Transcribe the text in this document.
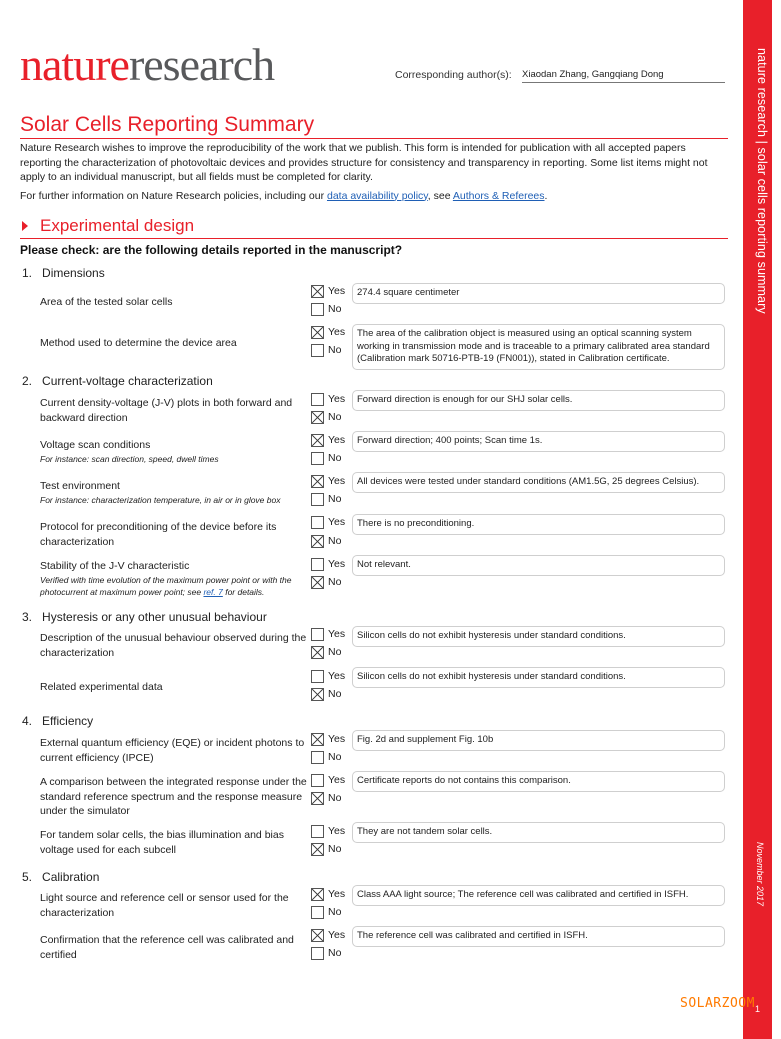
nature research | solar cells reporting summary
November 2017
1
natureresearch	Corresponding author(s): Xiaodan Zhang, Gangqiang Dong
Solar Cells Reporting Summary

Nature Research wishes to improve the reproducibility of the work that we publish. This form is intended for publication with all accepted papers reporting the characterization of photovoltaic devices and provides structure for consistency and transparency in reporting. Some list items might not apply to an individual manuscript, but all fields must be completed for clarity.

For further information on Nature Research policies, including our data availability policy, see Authors & Referees.

Experimental design
Please check: are the following details reported in the manuscript?
1. Dimensions
2. Current-voltage characterization
3. Hysteresis or any other unusual behaviour
4. Efficiency
5. Calibration
Area of the tested solar cells
Yes
No
274.4 square centimeter
Method used to determine the device area
Yes
No
The area of the calibration object is measured using an optical scanning system working in transmission mode and is traceable to a primary calibrated area standard (Calibration mark 50716-PTB-19 (FN001)), stated in Calibration certificate.
Current density-voltage (J-V) plots in both forward and backward direction
Yes
No
Forward direction is enough for our SHJ solar cells.
Voltage scan conditions
For instance: scan direction, speed, dwell times
Yes
No
Forward direction; 400 points; Scan time 1s.
Test environment
For instance: characterization temperature, in air or in glove box
Yes
No
All devices were tested under standard conditions (AM1.5G, 25 degrees Celsius).
Protocol for preconditioning of the device before its characterization
Yes
No
There is no preconditioning.
Stability of the J-V characteristic
Verified with time evolution of the maximum power point or with the photocurrent at maximum power point; see ref. 7 for details.
Yes
No
Not relevant.
Description of the unusual behaviour observed during the characterization
Yes
No
Silicon cells do not exhibit hysteresis under standard conditions.
Related experimental data
Yes
No
Silicon cells do not exhibit hysteresis under standard conditions.
External quantum efficiency (EQE) or incident photons to current efficiency (IPCE)
Yes
No
Fig. 2d and supplement Fig. 10b
A comparison between the integrated response under the standard reference spectrum and the response measure under the simulator
Yes
No
Certificate reports do not contains this comparison.
For tandem solar cells, the bias illumination and bias voltage used for each subcell
Yes
No
They are not tandem solar cells.
Light source and reference cell or sensor used for the characterization
Yes
No
Class AAA light source; The reference cell was calibrated and certified in ISFH.
Confirmation that the reference cell was calibrated and certified
Yes
No
The reference cell was calibrated and certified in ISFH.
SOLARZOOM
